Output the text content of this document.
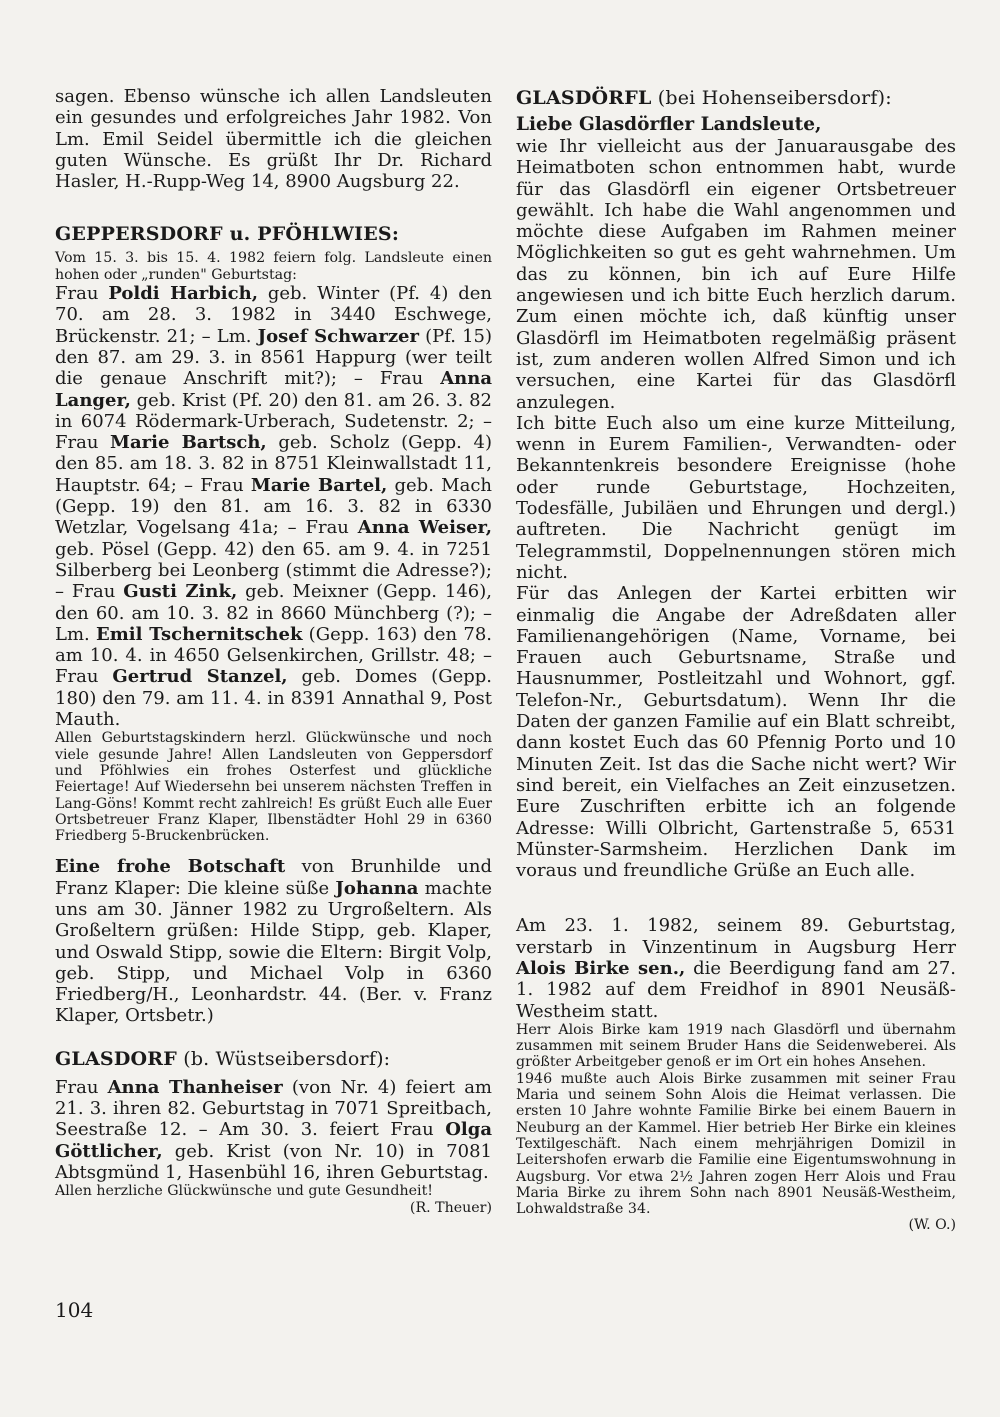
sagen. Ebenso wünsche ich allen Landsleuten ein gesundes und erfolgreiches Jahr 1982. Von Lm. Emil Seidel übermittle ich die gleichen guten Wünsche. Es grüßt Ihr Dr. Richard Hasler, H.-Rupp-Weg 14, 8900 Augsburg 22.

GEPPERSDORF u. PFÖHLWIES:

Vom 15. 3. bis 15. 4. 1982 feiern folg. Landsleute einen hohen oder „runden" Geburtstag:

Frau Poldi Harbich, geb. Winter (Pf. 4) den 70. am 28. 3. 1982 in 3440 Eschwege, Brückenstr. 21; – Lm. Josef Schwarzer (Pf. 15) den 87. am 29. 3. in 8561 Happurg (wer teilt die genaue Anschrift mit?); – Frau Anna Langer, geb. Krist (Pf. 20) den 81. am 26. 3. 82 in 6074 Rödermark-Urberach, Sudetenstr. 2; – Frau Marie Bartsch, geb. Scholz (Gepp. 4) den 85. am 18. 3. 82 in 8751 Kleinwallstadt 11, Hauptstr. 64; – Frau Marie Bartel, geb. Mach (Gepp. 19) den 81. am 16. 3. 82 in 6330 Wetzlar, Vogelsang 41a; – Frau Anna Weiser, geb. Pösel (Gepp. 42) den 65. am 9. 4. in 7251 Silberberg bei Leonberg (stimmt die Adresse?); – Frau Gusti Zink, geb. Meixner (Gepp. 146), den 60. am 10. 3. 82 in 8660 Münchberg (?); – Lm. Emil Tschernitschek (Gepp. 163) den 78. am 10. 4. in 4650 Gelsenkirchen, Grillstr. 48; – Frau Gertrud Stanzel, geb. Domes (Gepp. 180) den 79. am 11. 4. in 8391 Annathal 9, Post Mauth.

Allen Geburtstagskindern herzl. Glückwünsche und noch viele gesunde Jahre! Allen Landsleuten von Geppersdorf und Pföhlwies ein frohes Osterfest und glückliche Feiertage! Auf Wiedersehn bei unserem nächsten Treffen in Lang-Göns! Kommt recht zahlreich! Es grüßt Euch alle Euer Ortsbetreuer Franz Klaper, Ilbenstädter Hohl 29 in 6360 Friedberg 5-Bruckenbrücken.

Eine frohe Botschaft von Brunhilde und Franz Klaper: Die kleine süße Johanna machte uns am 30. Jänner 1982 zu Urgroßeltern. Als Großeltern grüßen: Hilde Stipp, geb. Klaper, und Oswald Stipp, sowie die Eltern: Birgit Volp, geb. Stipp, und Michael Volp in 6360 Friedberg/H., Leonhardstr. 44. (Ber. v. Franz Klaper, Ortsbetr.)

GLASDORF (b. Wüstseibersdorf):

Frau Anna Thanheiser (von Nr. 4) feiert am 21. 3. ihren 82. Geburtstag in 7071 Spreitbach, Seestraße 12. – Am 30. 3. feiert Frau Olga Göttlicher, geb. Krist (von Nr. 10) in 7081 Abtsgmünd 1, Hasenbühl 16, ihren Geburtstag.

Allen herzliche Glückwünsche und gute Gesundheit!

(R. Theuer)

GLASDÖRFL (bei Hohenseibersdorf):
Liebe Glasdörfler Landsleute,

wie Ihr vielleicht aus der Januarausgabe des Heimatboten schon entnommen habt, wurde für das Glasdörfl ein eigener Ortsbetreuer gewählt. Ich habe die Wahl angenommen und möchte diese Aufgaben im Rahmen meiner Möglichkeiten so gut es geht wahrnehmen. Um das zu können, bin ich auf Eure Hilfe angewiesen und ich bitte Euch herzlich darum. Zum einen möchte ich, daß künftig unser Glasdörfl im Heimatboten regelmäßig präsent ist, zum anderen wollen Alfred Simon und ich versuchen, eine Kartei für das Glasdörfl anzulegen.

Ich bitte Euch also um eine kurze Mitteilung, wenn in Eurem Familien-, Verwandten- oder Bekanntenkreis besondere Ereignisse (hohe oder runde Geburtstage, Hochzeiten, Todesfälle, Jubiläen und Ehrungen und dergl.) auftreten. Die Nachricht genügt im Telegrammstil, Doppelnennungen stören mich nicht.

Für das Anlegen der Kartei erbitten wir einmalig die Angabe der Adreßdaten aller Familienangehörigen (Name, Vorname, bei Frauen auch Geburtsname, Straße und Hausnummer, Postleitzahl und Wohnort, ggf. Telefon-Nr., Geburtsdatum). Wenn Ihr die Daten der ganzen Familie auf ein Blatt schreibt, dann kostet Euch das 60 Pfennig Porto und 10 Minuten Zeit. Ist das die Sache nicht wert? Wir sind bereit, ein Vielfaches an Zeit einzusetzen. Eure Zuschriften erbitte ich an folgende Adresse: Willi Olbricht, Gartenstraße 5, 6531 Münster-Sarmsheim. Herzlichen Dank im voraus und freundliche Grüße an Euch alle.

Am 23. 1. 1982, seinem 89. Geburtstag, verstarb in Vinzentinum in Augsburg Herr Alois Birke sen., die Beerdigung fand am 27. 1. 1982 auf dem Freidhof in 8901 Neusäß-Westheim statt.

Herr Alois Birke kam 1919 nach Glasdörfl und übernahm zusammen mit seinem Bruder Hans die Seidenweberei. Als größter Arbeitgeber genoß er im Ort ein hohes Ansehen.

1946 mußte auch Alois Birke zusammen mit seiner Frau Maria und seinem Sohn Alois die Heimat verlassen. Die ersten 10 Jahre wohnte Familie Birke bei einem Bauern in Neuburg an der Kammel. Hier betrieb Her Birke ein kleines Textilgeschäft. Nach einem mehrjährigen Domizil in Leitershofen erwarb die Familie eine Eigentumswohnung in Augsburg. Vor etwa 2½ Jahren zogen Herr Alois und Frau Maria Birke zu ihrem Sohn nach 8901 Neusäß-Westheim, Lohwaldstraße 34.

(W. O.)

104
